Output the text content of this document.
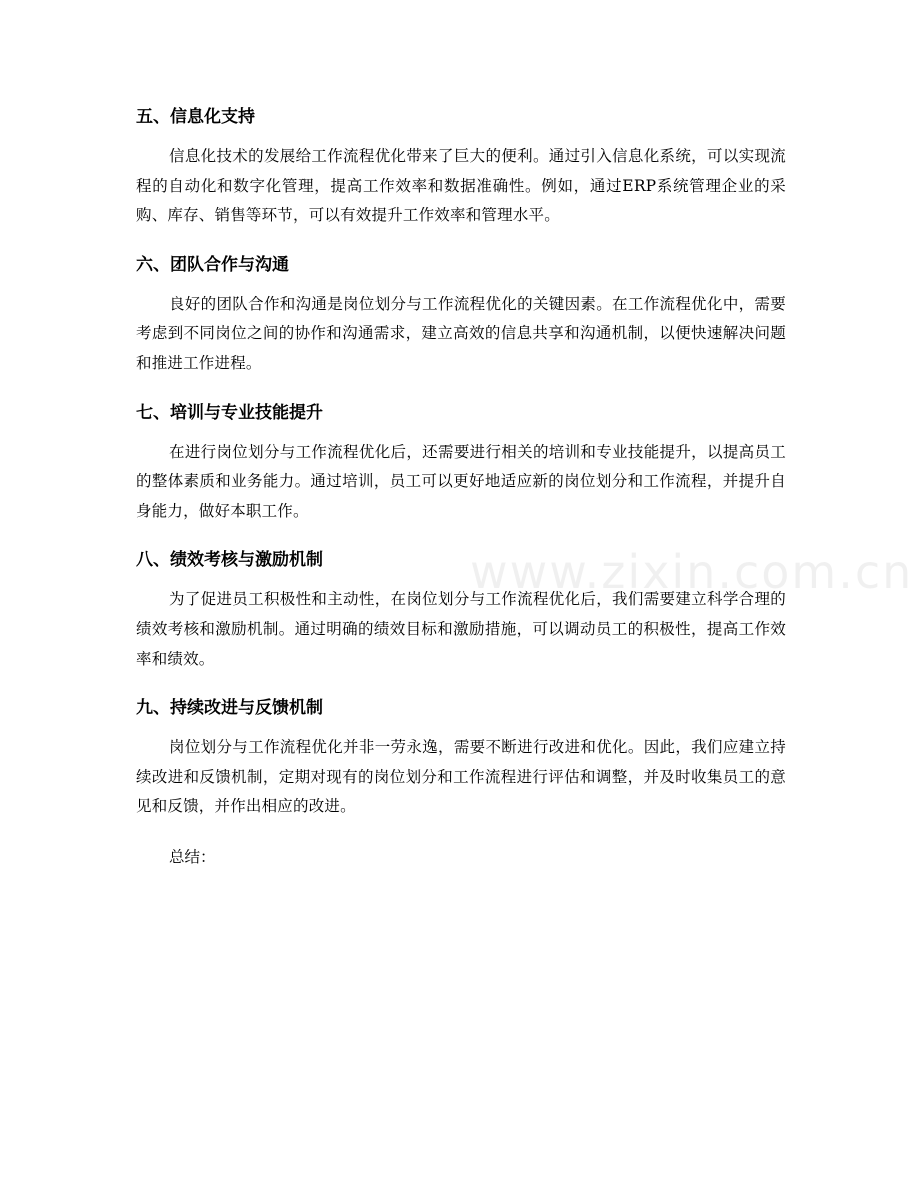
www.zixin.com.cn
五、信息化支持

信息化技术的发展给工作流程优化带来了巨大的便利。通过引入信息化系统，可以实现流程的自动化和数字化管理，提高工作效率和数据准确性。例如，通过ERP系统管理企业的采购、库存、销售等环节，可以有效提升工作效率和管理水平。

六、团队合作与沟通

良好的团队合作和沟通是岗位划分与工作流程优化的关键因素。在工作流程优化中，需要考虑到不同岗位之间的协作和沟通需求，建立高效的信息共享和沟通机制，以便快速解决问题和推进工作进程。

七、培训与专业技能提升

在进行岗位划分与工作流程优化后，还需要进行相关的培训和专业技能提升，以提高员工的整体素质和业务能力。通过培训，员工可以更好地适应新的岗位划分和工作流程，并提升自身能力，做好本职工作。

八、绩效考核与激励机制

为了促进员工积极性和主动性，在岗位划分与工作流程优化后，我们需要建立科学合理的绩效考核和激励机制。通过明确的绩效目标和激励措施，可以调动员工的积极性，提高工作效率和绩效。

九、持续改进与反馈机制

岗位划分与工作流程优化并非一劳永逸，需要不断进行改进和优化。因此，我们应建立持续改进和反馈机制，定期对现有的岗位划分和工作流程进行评估和调整，并及时收集员工的意见和反馈，并作出相应的改进。

总结：
